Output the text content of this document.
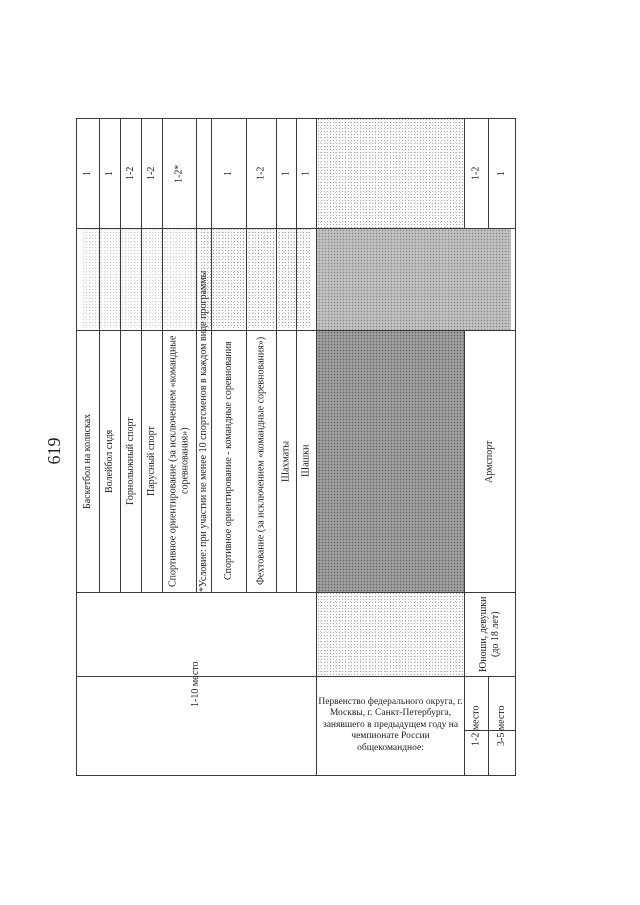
619
1-10 место
Баскетбол на колясках
1
Волейбол сидя
1
Горнолыжный спорт
1-2
Парусный спорт
1-2
Спортивное ориентирование (за исключением «командные соревнования»)
1-2*
*Условие: при участии не менее 10 спортсменов в каждом виде программы	Спортивное ориентирование - командные соревнования
1
Фехтование (за исключением «командные соревнования»)
1-2
Шахматы
1
Шашки
1
Первенство федерального округа, г. Москвы, г. Санкт-Петербурга, занявшего в предыдущем году на чемпионате России общекомандное:
Юноши, девушки (до 18 лет)
Армспорт
1-2 место
1-2
3-5 место
1
